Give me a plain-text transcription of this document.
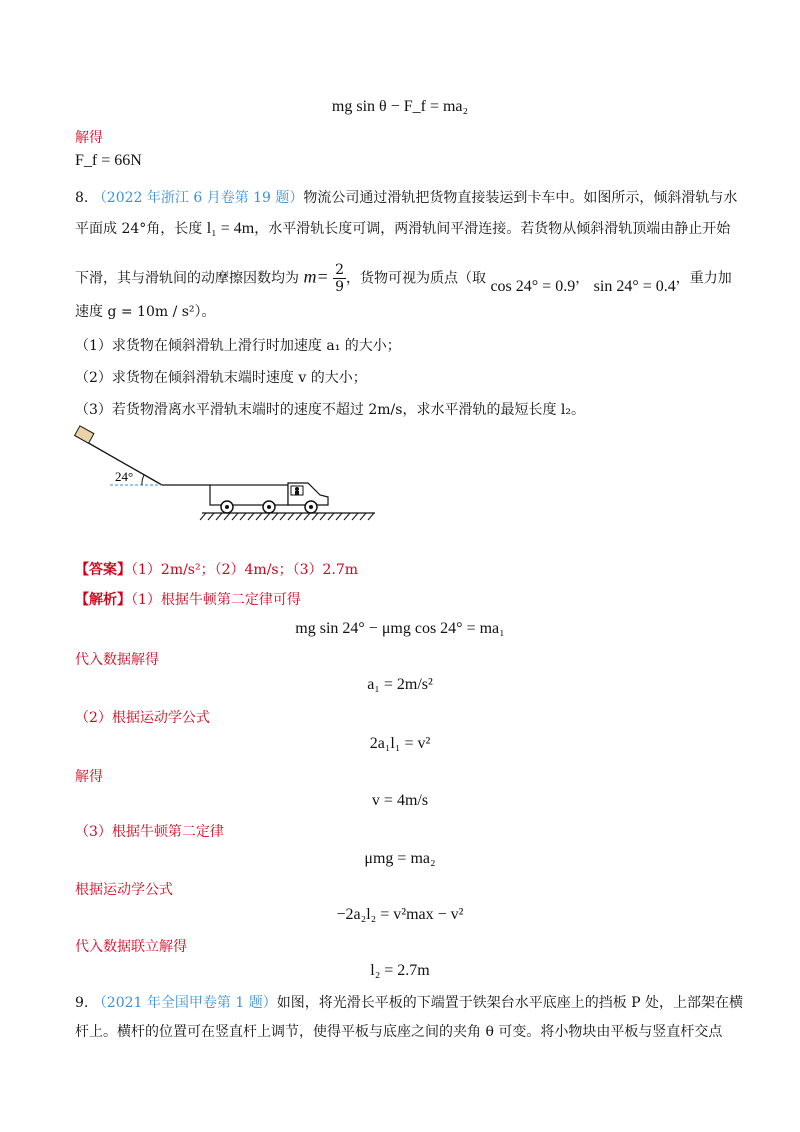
mg sin θ − F_f = ma₂
解得
F_f = 66N
8. （2022 年浙江 6 月卷第 19 题）物流公司通过滑轨把货物直接装运到卡车中。如图所示，倾斜滑轨与水
平面成 24°角，长度 l₁ = 4m，水平滑轨长度可调，两滑轨间平滑连接。若货物从倾斜滑轨顶端由静止开始
下滑，其与滑轨间的动摩擦因数均为 $m= \frac{2}{9}$ ，货物可视为质点（取 cos 24° = 0.9， sin 24° = 0.4，重力加
速度 g = 10m / s²）。
（1）求货物在倾斜滑轨上滑行时加速度 a₁ 的大小；
（2）求货物在倾斜滑轨末端时速度 v 的大小；
（3）若货物滑离水平滑轨末端时的速度不超过 2m/s，求水平滑轨的最短长度 l₂。
24°
【答案】（1）2m/s²；（2）4m/s；（3）2.7m
【解析】（1）根据牛顿第二定律可得
mg sin 24° − μmg cos 24° = ma₁
代入数据解得
a₁ = 2m/s²
（2）根据运动学公式
2a₁l₁ = v²
解得
v = 4m/s
（3）根据牛顿第二定律
μmg = ma₂
根据运动学公式
−2a₂l₂ = v²max − v²
代入数据联立解得
l₂ = 2.7m
9. （2021 年全国甲卷第 1 题）如图，将光滑长平板的下端置于铁架台水平底座上的挡板 P 处，上部架在横
杆上。横杆的位置可在竖直杆上调节，使得平板与底座之间的夹角 θ 可变。将小物块由平板与竖直杆交点
